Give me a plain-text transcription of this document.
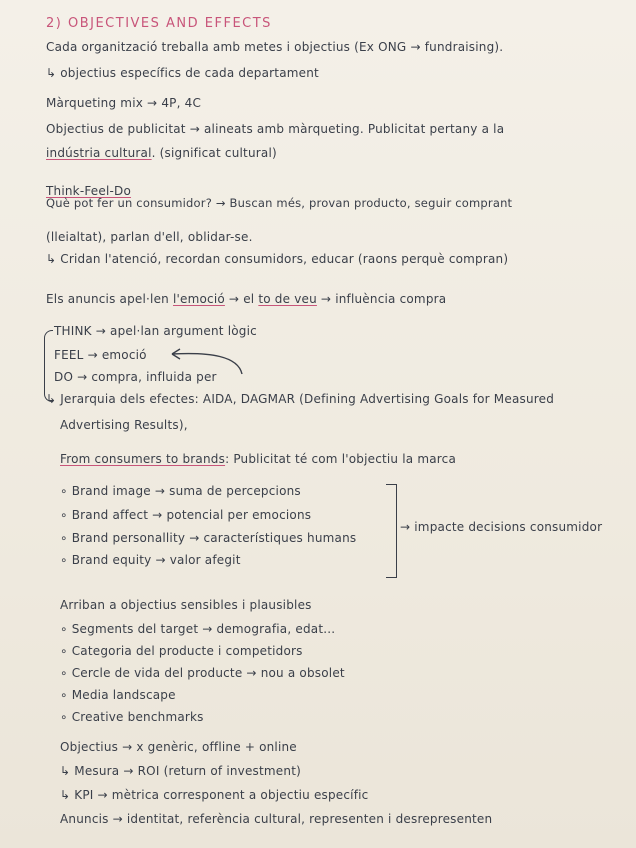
2) OBJECTIVES AND EFFECTS
Cada organització treballa amb metes i objectius (Ex ONG → fundraising).
↳ objectius específics de cada departament
Màrqueting mix → 4P, 4C
Objectius de publicitat → alineats amb màrqueting. Publicitat pertany a la
indústria cultural. (significat cultural)
Think-Feel-Do
Què pot fer un consumidor? → Buscan més, provan producto, seguir comprant
(lleialtat), parlan d'ell, oblidar-se.
↳ Cridan l'atenció, recordan consumidors, educar (raons perquè compran)
Els anuncis apel·len l'emoció → el to de veu → influència compra
THINK → apel·lan argument lògic
FEEL → emoció
DO → compra, influida per
↳ Jerarquia dels efectes: AIDA, DAGMAR (Defining Advertising Goals for Measured
Advertising Results),
From consumers to brands: Publicitat té com l'objectiu la marca
∘ Brand image → suma de percepcions
∘ Brand affect → potencial per emocions
∘ Brand personallity → característiques humans
∘ Brand equity → valor afegit
→ impacte decisions consumidor
Arriban a objectius sensibles i plausibles
∘ Segments del target → demografia, edat...
∘ Categoria del producte i competidors
∘ Cercle de vida del producte → nou a obsolet
∘ Media landscape
∘ Creative benchmarks
Objectius → x genèric, offline + online
↳ Mesura → ROI (return of investment)
↳ KPI → mètrica corresponent a objectiu específic
Anuncis → identitat, referència cultural, representen i desrepresenten
